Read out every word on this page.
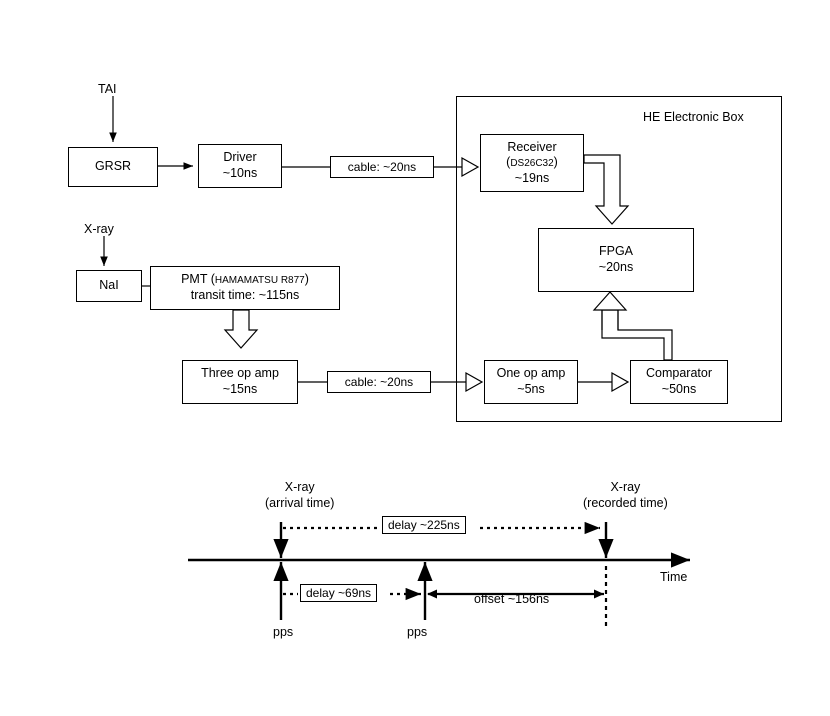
HE Electronic Box
TAI
GRSR
Driver
~10ns	cable: ~20ns
Receiver
(DS26C32)
~19ns
FPGA
~20ns
X-ray
NaI	PMT (HAMAMATSU R877)
transit time: ~115ns
Three op amp
~15ns	cable: ~20ns
One op amp
~5ns
Comparator
~50ns
X-ray
(arrival time)
X-ray
(recorded time)
Time
pps	pps
delay ~225ns
delay ~69ns	offset ~156ns
